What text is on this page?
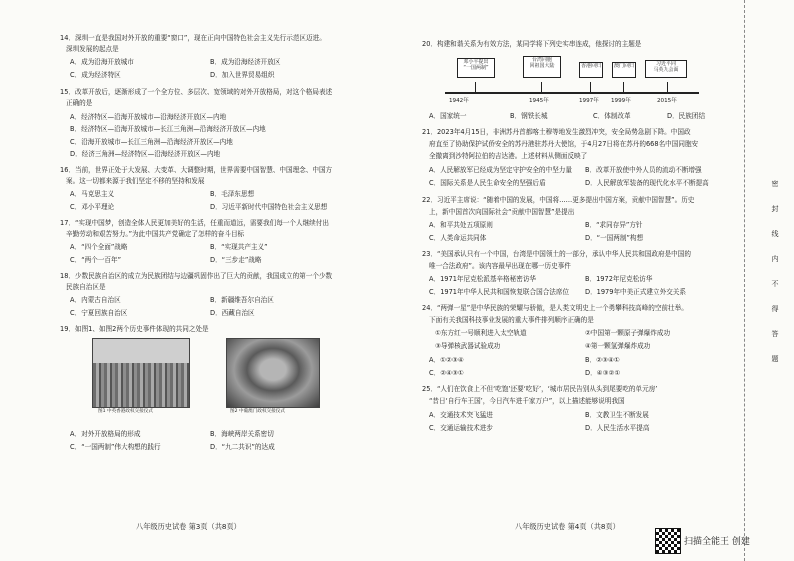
14．深圳一直是我国对外开放的重要“窗口”，现在正向中国特色社会主义先行示范区迈进。
深圳发展的起点是
A．成为沿海开放城市	B．成为沿海经济开放区
C．成为经济特区	D．加入世界贸易组织
15．改革开放后，逐渐形成了一个全方位、多层次、宽领域的对外开放格局，对这个格局表述
正确的是
A．经济特区—沿海开放城市—沿海经济开放区—内地
B．经济特区—沿海开放城市—长江三角洲—沿海经济开放区—内地
C．沿海开放城市—长江三角洲—沿海经济开放区—内地
D．经济三角洲—经济特区—沿海经济开放区—内地
16．当前，世界正处于大发展、大变革、大调整时期，世界需要中国智慧、中国理念、中国方
案。这一切都来源于我们坚定不移的坚持和发展
A．马克思主义	B．毛泽东思想
C．邓小平理论	D．习近平新时代中国特色社会主义思想
17．“实现中国梦，创造全体人民更加美好的生活，任重而道远，需要我们每一个人继续付出
辛勤劳动和艰苦努力。”为此中国共产党确定了怎样的奋斗目标
A．“四个全面”战略	B．“实现共产主义”
C．“两个一百年”	D．“三步走”战略
18．少数民族自治区的成立为民族团结与边疆巩固作出了巨大的贡献，我国成立的第一个少数
民族自治区是
A．内蒙古自治区	B．新疆维吾尔自治区
C．宁夏回族自治区	D．西藏自治区
19．如图1、如图2两个历史事件体现的共同之处是
图1 中英香港政权交接仪式	图2 中葡澳门政权交接仪式
A．对外开放格局的形成	B．海峡两岸关系密切
C．“一国两制”伟大构想的践行	D．“九二共识”的达成
八年级历史试卷 第3页（共8页）
20．构建和谐关系为有效方法，某同学将下列史实串连成，他探讨的主题是
邓小平提出
“一国两制”
台湾同胞
回祖国大陆	香港回归	澳门回归	习近平同
马英九会面
1942年	1945年	1997年 1999年	2015年
A．国家统一	B．钢铁长城	C．体制改革	D．民族团结
21．2023年4月15日，非洲苏丹首都喀土穆等地发生激烈冲突，安全局势急剧下降。中国政
府直至了协助保护试侨安全的苏丹港驻苏丹大使馆，于4月27日将在苏丹的668名中国同胞安
全撤离到沙特阿拉伯的吉达港。上述材料从侧面反映了
A．人民解放军已经成为坚定守护安全的中坚力量 B．改革开放使中外人员的流动不断增强
C．国际关系是人民生命安全的坚强后盾	D．人民解放军装备的现代化水平不断提高
22．习近平主席说：“随着中国的发展，中国将……更多提出中国方案，贡献中国智慧”。历史
上，新中国首次向国际社会“贡献中国智慧”是提出
A．和平共处五项原则	B．“求同存异”方针
C．人类命运共同体	D．“一国两制”构想
23．“美国承认只有一个中国，台湾是中国领土的一部分，承认中华人民共和国政府是中国的
唯一合法政府”。该内容最早出现在哪一历史事件
A．1971年尼克松派基辛格秘密访华	B．1972年尼克松访华
C．1971年中华人民共和国恢复联合国合法席位 D．1979年中美正式建立外交关系
24．“两弹一星”是中华民族的荣耀与骄傲，是人类文明史上一个勇攀科技高峰的空前壮举。
下面有关我国科技事业发展的重大事件排列顺序正确的是
①东方红一号顺利进入太空轨道	②中国第一颗原子弹爆炸成功
③导弹核武器试验成功	④第一颗氢弹爆炸成功
A．①②③④	B．②③④①
C．②④③①	D．④③②①
25．“人们在饮食上不但‘吃饱’还要‘吃好’，‘城市居民告别从头到尾要吃的单元房’
“昔日‘自行车王国’，今日汽车进千家万户”，以上描述能够说明我国
A．交通技术突飞猛进	B．文教卫生不断发展
C．交通运输技术进步	D．人民生活水平提高
八年级历史试卷 第4页（共8页）
密
封
线
内
不
得
答
题
扫描全能王 创建
